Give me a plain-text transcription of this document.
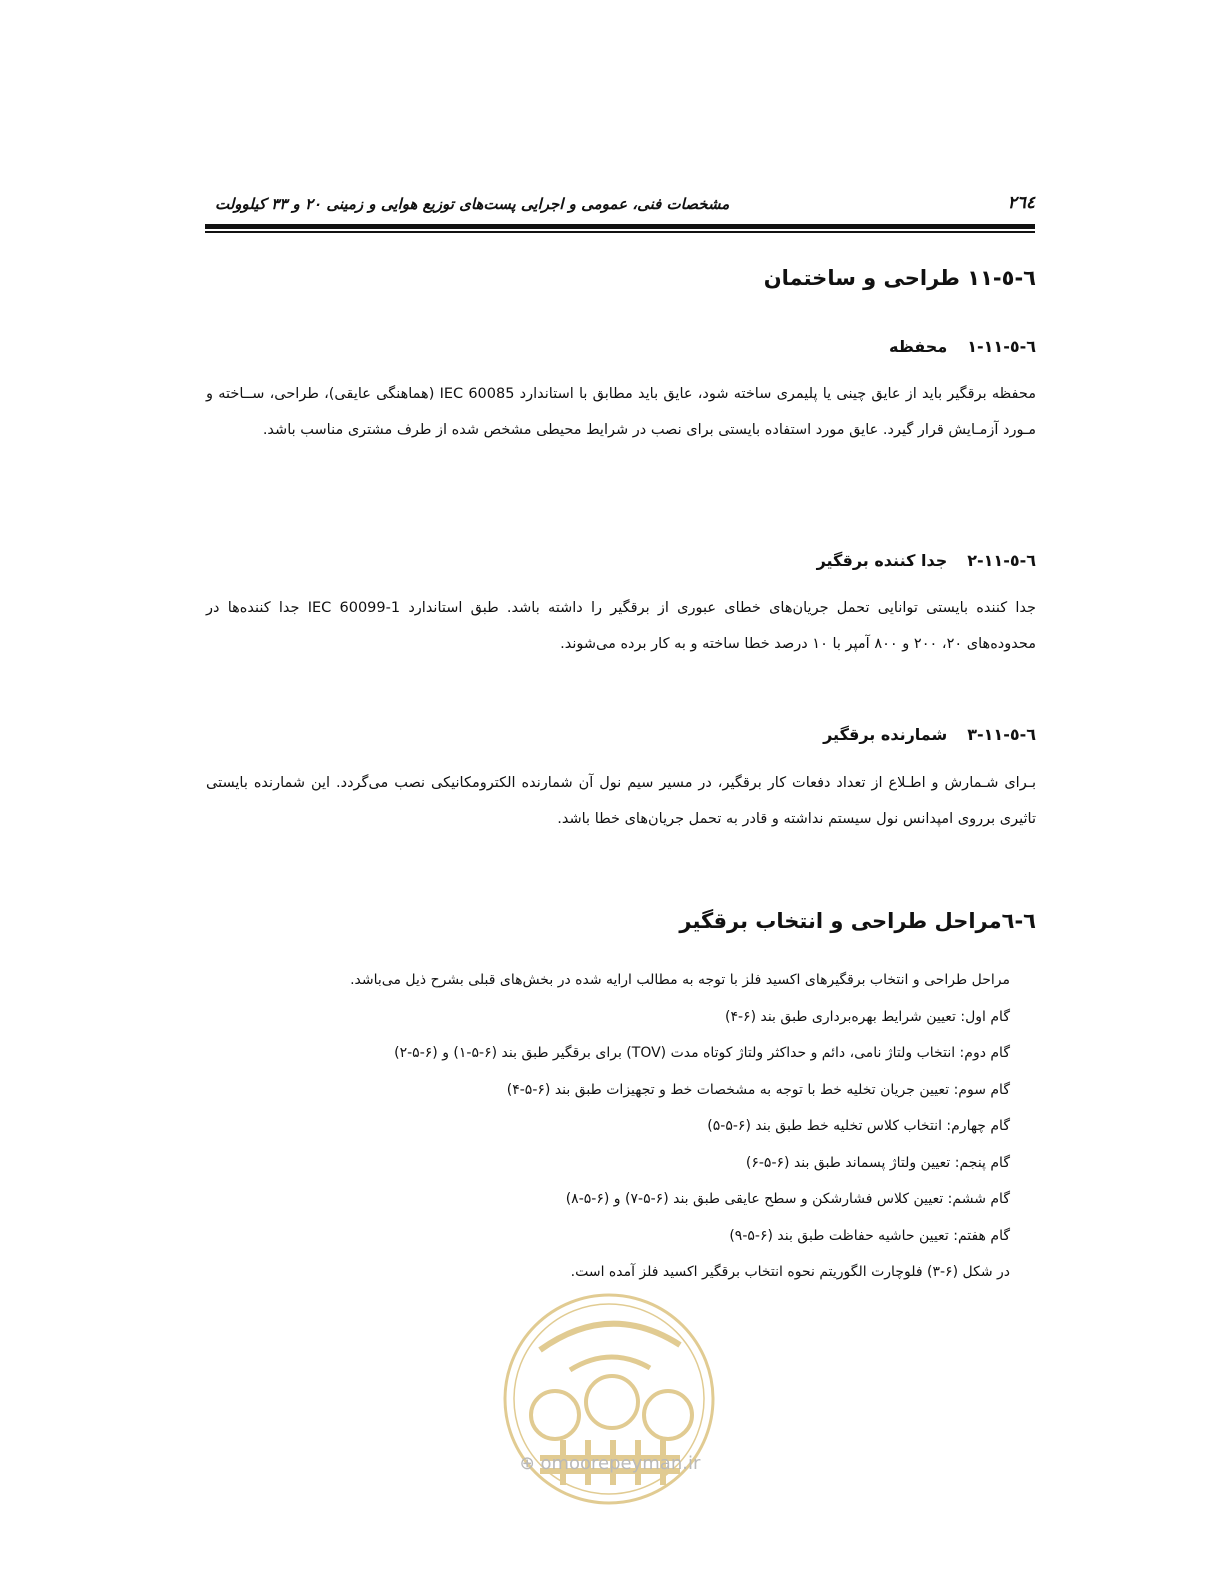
٢٦٤
مشخصات فنی، عمومی و اجرایی پست‌های توزیع هوایی و زمینی ۲۰ و ۳۳ کیلوولت
٦-٥-١١ طراحی و ساختمان
٦-٥-١١-١محفظه
محفظه برقگیر باید از عایق چینی یا پلیمری ساخته شود، عایق باید مطابق با استاندارد IEC 60085 (هماهنگی عایقی)، طراحی، ســاخته و مـورد آزمـایش قرار گیرد. عایق مورد استفاده بایستی برای نصب در شرایط محیطی مشخص شده از طرف مشتری مناسب باشد.
٦-٥-١١-٢جدا کننده برقگیر
جدا کننده بایستی توانایی تحمل جریان‌های خطای عبوری از برقگیر را داشته باشد. طبق استاندارد IEC 60099-1 جدا کننده‌ها در محدوده‌های ۲۰، ۲۰۰ و ۸۰۰ آمپر با ۱۰ درصد خطا ساخته و به کار برده می‌شوند.
٦-٥-١١-٣شمارنده برقگیر
بـرای شـمارش و اطـلاع از تعداد دفعات کار برقگیر، در مسیر سیم نول آن شمارنده الکترومکانیکی نصب می‌گردد. این شمارنده بایستی تاثیری برروی امپدانس نول سیستم نداشته و قادر به تحمل جریان‌های خطا باشد.
٦-٦مراحل طراحی و انتخاب برقگیر
مراحل طراحی و انتخاب برقگیرهای اکسید فلز با توجه به مطالب ارایه شده در بخش‌های قبلی بشرح ذیل می‌باشد.
گام اول: تعیین شرایط بهره‌برداری طبق بند (۶-۴)
گام دوم: انتخاب ولتاژ نامی، دائم و حداکثر ولتاژ کوتاه مدت (TOV) برای برقگیر طبق بند (۶-۵-۱) و (۶-۵-۲)
گام سوم: تعیین جریان تخلیه خط با توجه به مشخصات خط و تجهیزات طبق بند (۶-۵-۴)
گام چهارم: انتخاب کلاس تخلیه خط طبق بند (۶-۵-۵)
گام پنجم: تعیین ولتاژ پسماند طبق بند (۶-۵-۶)
گام ششم: تعیین کلاس فشارشکن و سطح عایقی طبق بند (۶-۵-۷) و (۶-۵-۸)
گام هفتم: تعیین حاشیه حفاظت طبق بند (۶-۵-۹)
در شکل (۶-۳) فلوچارت الگوریتم نحوه انتخاب برقگیر اکسید فلز آمده است.
⊕ omoorepeyman.ir
